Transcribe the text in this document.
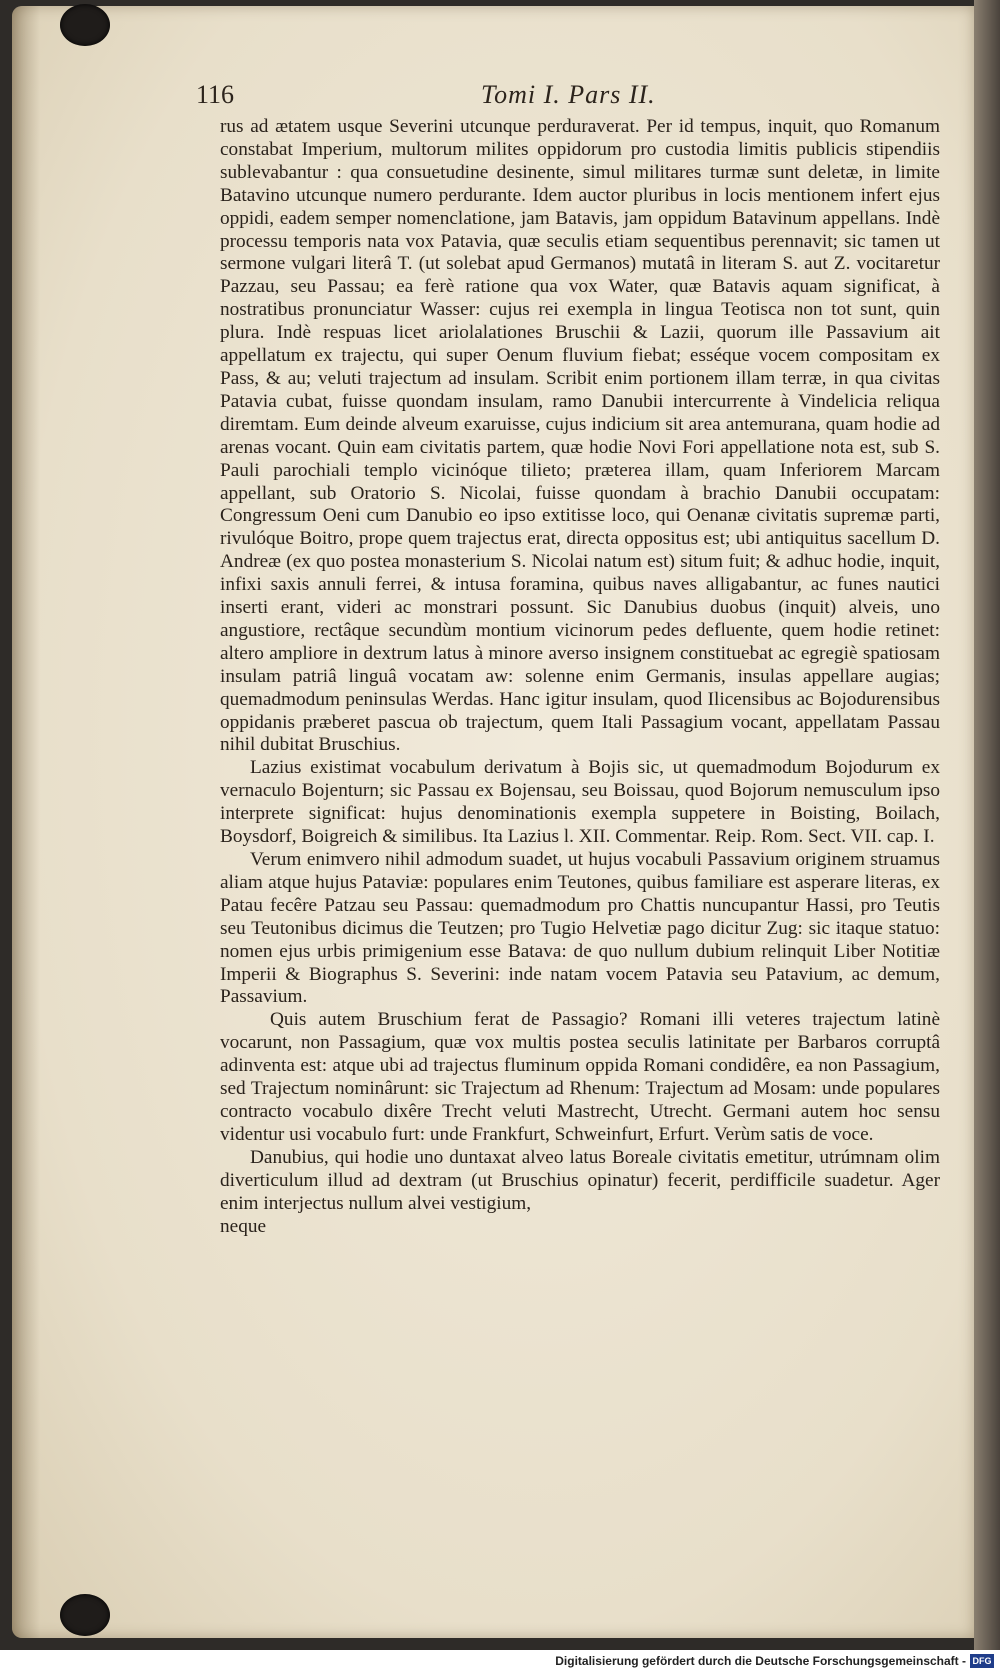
116	Tomi I. Pars II.

rus ad ætatem usque Severini utcunque perduraverat. Per id tempus, inquit, quo Romanum constabat Imperium, multorum milites oppidorum pro custodia limitis publicis stipendiis sublevabantur : qua consuetudine desinente, simul militares turmæ sunt deletæ, in limite Batavino utcunque numero perdurante. Idem auctor pluribus in locis mentionem infert ejus oppidi, eadem semper nomenclatione, jam Batavis, jam oppidum Batavinum appellans. Indè processu temporis nata vox Patavia, quæ seculis etiam sequentibus perennavit; sic tamen ut sermone vulgari literâ T. (ut solebat apud Germanos) mutatâ in literam S. aut Z. vocitaretur Pazzau, seu Passau; ea ferè ratione qua vox Water, quæ Batavis aquam significat, à nostratibus pronunciatur Wasser: cujus rei exempla in lingua Teotisca non tot sunt, quin plura. Indè respuas licet ariolalationes Bruschii & Lazii, quorum ille Passavium ait appellatum ex trajectu, qui super Oenum fluvium fiebat; esséque vocem compositam ex Pass, & au; veluti trajectum ad insulam. Scribit enim portionem illam terræ, in qua civitas Patavia cubat, fuisse quondam insulam, ramo Danubii intercurrente à Vindelicia reliqua diremtam. Eum deinde alveum exaruisse, cujus indicium sit area antemurana, quam hodie ad arenas vocant. Quin eam civitatis partem, quæ hodie Novi Fori appellatione nota est, sub S. Pauli parochiali templo vicinóque tilieto; prætereа illam, quam Inferiorem Marcam appellant, sub Oratorio S. Nicolai, fuisse quondam à brachio Danubii occupatam: Congressum Oeni cum Danubio eo ipso extitisse loco, qui Oenanæ civitatis supremæ parti, rivulóque Boitro, prope quem trajectus erat, directa oppositus est; ubi antiquitus sacellum D. Andreæ (ex quo postea monasterium S. Nicolai natum est) situm fuit; & adhuc hodie, inquit, infixi saxis annuli ferrei, & intusa foramina, quibus naves alligabantur, ac funes nautici inserti erant, videri ac monstrari possunt. Sic Danubius duobus (inquit) alveis, uno angustiore, rectâque secundùm montium vicinorum pedes defluente, quem hodie retinet: altero ampliore in dextrum latus à minore averso insignem constituebat ac egregiè spatiosam insulam patriâ linguâ vocatam aw: solenne enim Germanis, insulas appellare augias; quemadmodum peninsulas Werdas. Hanc igitur insulam, quod Ilicensibus ac Bojodurensibus oppidanis præberet pascua ob trajectum, quem Itali Passagium vocant, appellatam Passau nihil dubitat Bruschius.

Lazius existimat vocabulum derivatum à Bojis sic, ut quemadmodum Bojodurum ex vernaculo Bojenturn; sic Passau ex Bojensau, seu Boissau, quod Bojorum nemusculum ipso interprete significat: hujus denominationis exempla suppetere in Boisting, Boilach, Boysdorf, Boigreich & similibus. Ita Lazius l. XII. Commentar. Reip. Rom. Sect. VII. cap. I.

Verum enimvero nihil admodum suadet, ut hujus vocabuli Passavium originem struamus aliam atque hujus Pataviæ: populares enim Teutones, quibus familiare est asperare literas, ex Patau fecêre Patzau seu Passau: quemadmodum pro Chattis nuncupantur Hassi, pro Teutis seu Teutonibus dicimus die Teutzen; pro Tugio Helvetiæ pago dicitur Zug: sic itaque statuo: nomen ejus urbis primigenium esse Batava: de quo nullum dubium relinquit Liber Notitiæ Imperii & Biographus S. Severini: inde natam vocem Patavia seu Patavium, ac demum, Passavium.

Quis autem Bruschium ferat de Passagio? Romani illi veteres trajectum latinè vocarunt, non Passagium, quæ vox multis postea seculis latinitate per Barbaros corruptâ adinventa est: atque ubi ad trajectus fluminum oppida Romani condidêre, ea non Passagium, sed Trajectum nominârunt: sic Trajectum ad Rhenum: Trajectum ad Mosam: unde populares contracto vocabulo dixêre Trecht veluti Mastrecht, Utrecht. Germani autem hoc sensu videntur usi vocabulo furt: unde Frankfurt, Schweinfurt, Erfurt. Verùm satis de voce.

Danubius, qui hodie uno duntaxat alveo latus Boreale civitatis emetitur, utrúmnam olim diverticulum illud ad dextram (ut Bruschius opinatur) fecerit, perdifficile suadetur. Ager enim interjectus nullum alvei vestigium,

neque

Digitalisierung gefördert durch die Deutsche Forschungsgemeinschaft - DFG
